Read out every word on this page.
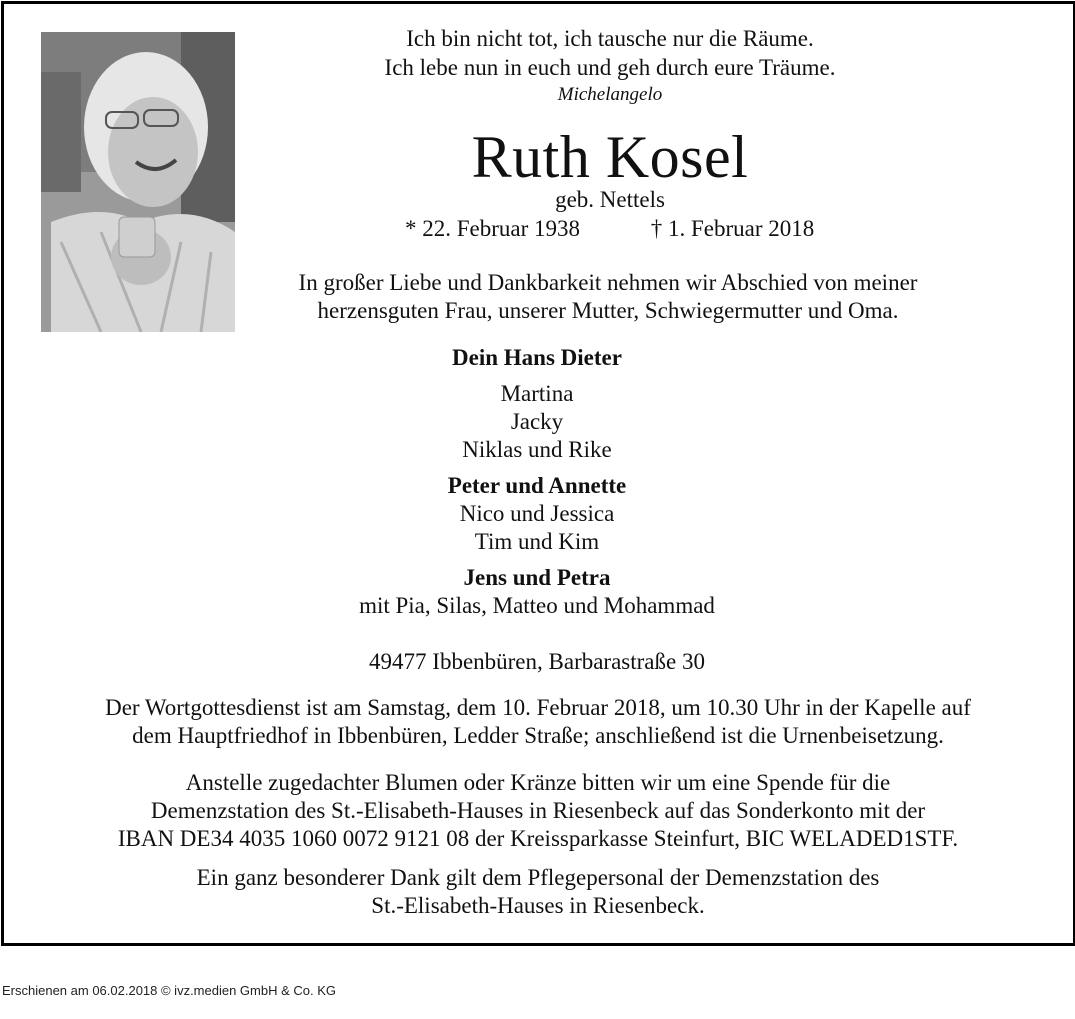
Ich bin nicht tot, ich tausche nur die Räume.
Ich lebe nun in euch und geh durch eure Träume.
Michelangelo
Ruth Kosel
geb. Nettels
* 22. Februar 1938	† 1. Februar 2018
In großer Liebe und Dankbarkeit nehmen wir Abschied von meiner
herzensguten Frau, unserer Mutter, Schwiegermutter und Oma.
Dein Hans Dieter
Martina
Jacky
Niklas und Rike
Peter und Annette
Nico und Jessica
Tim und Kim
Jens und Petra
mit Pia, Silas, Matteo und Mohammad
49477 Ibbenbüren, Barbarastraße 30
Der Wortgottesdienst ist am Samstag, dem 10. Februar 2018, um 10.30 Uhr in der Kapelle auf
dem Hauptfriedhof in Ibbenbüren, Ledder Straße; anschließend ist die Urnenbeisetzung.
Anstelle zugedachter Blumen oder Kränze bitten wir um eine Spende für die
Demenzstation des St.-Elisabeth-Hauses in Riesenbeck auf das Sonderkonto mit der
IBAN DE34 4035 1060 0072 9121 08 der Kreissparkasse Steinfurt, BIC WELADED1STF.
Ein ganz besonderer Dank gilt dem Pflegepersonal der Demenzstation des
St.-Elisabeth-Hauses in Riesenbeck.
Erschienen am 06.02.2018 © ivz.medien GmbH & Co. KG
